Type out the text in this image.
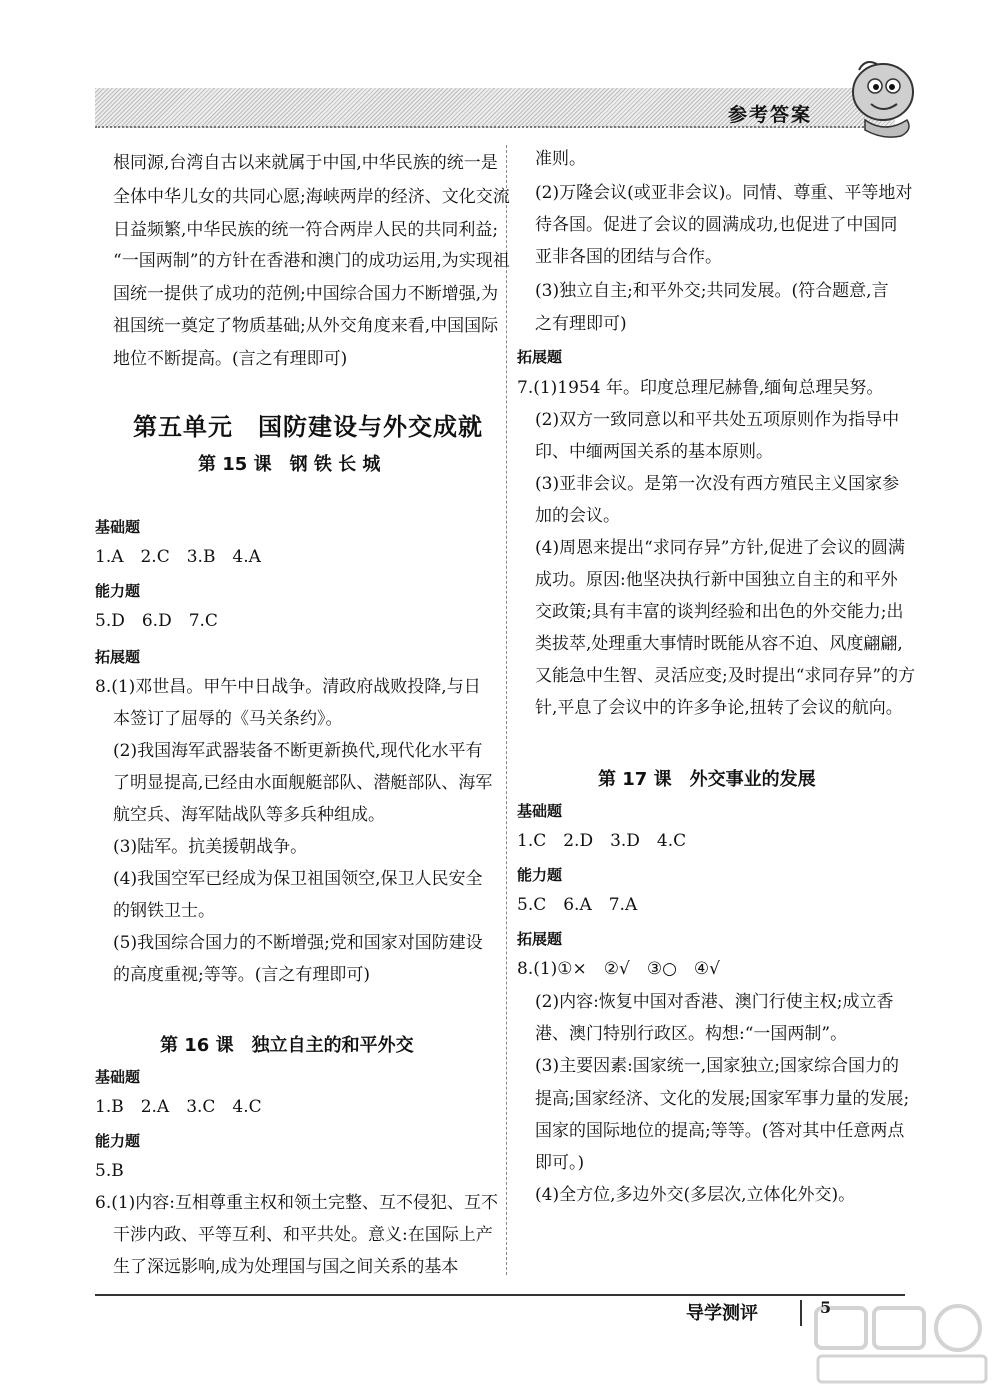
参考答案
根同源,台湾自古以来就属于中国,中华民族的统一是
全体中华儿女的共同心愿;海峡两岸的经济、文化交流
日益频繁,中华民族的统一符合两岸人民的共同利益;
“一国两制”的方针在香港和澳门的成功运用,为实现祖
国统一提供了成功的范例;中国综合国力不断增强,为
祖国统一奠定了物质基础;从外交角度来看,中国国际
地位不断提高。(言之有理即可)
第五单元　国防建设与外交成就
第 15 课　钢 铁 长 城
基础题
1.A　2.C　3.B　4.A
能力题
5.D　6.D　7.C
拓展题
8.(1)邓世昌。甲午中日战争。清政府战败投降,与日
本签订了屈辱的《马关条约》。
(2)我国海军武器装备不断更新换代,现代化水平有
了明显提高,已经由水面舰艇部队、潜艇部队、海军
航空兵、海军陆战队等多兵种组成。
(3)陆军。抗美援朝战争。
(4)我国空军已经成为保卫祖国领空,保卫人民安全
的钢铁卫士。
(5)我国综合国力的不断增强;党和国家对国防建设
的高度重视;等等。(言之有理即可)
第 16 课　独立自主的和平外交
基础题
1.B　2.A　3.C　4.C
能力题
5.B
6.(1)内容:互相尊重主权和领土完整、互不侵犯、互不
干涉内政、平等互利、和平共处。意义:在国际上产
生了深远影响,成为处理国与国之间关系的基本
准则。
(2)万隆会议(或亚非会议)。同情、尊重、平等地对
待各国。促进了会议的圆满成功,也促进了中国同
亚非各国的团结与合作。
(3)独立自主;和平外交;共同发展。(符合题意,言
之有理即可)
拓展题
7.(1)1954 年。印度总理尼赫鲁,缅甸总理吴努。
(2)双方一致同意以和平共处五项原则作为指导中
印、中缅两国关系的基本原则。
(3)亚非会议。是第一次没有西方殖民主义国家参
加的会议。
(4)周恩来提出“求同存异”方针,促进了会议的圆满
成功。原因:他坚决执行新中国独立自主的和平外
交政策;具有丰富的谈判经验和出色的外交能力;出
类拔萃,处理重大事情时既能从容不迫、风度翩翩,
又能急中生智、灵活应变;及时提出“求同存异”的方
针,平息了会议中的许多争论,扭转了会议的航向。
第 17 课　外交事业的发展
基础题
1.C　2.D　3.D　4.C
能力题
5.C　6.A　7.A
拓展题
8.(1)①×　②√　③○　④√
(2)内容:恢复中国对香港、澳门行使主权;成立香
港、澳门特别行政区。构想:“一国两制”。
(3)主要因素:国家统一,国家独立;国家综合国力的
提高;国家经济、文化的发展;国家军事力量的发展;
国家的国际地位的提高;等等。(答对其中任意两点
即可。)
(4)全方位,多边外交(多层次,立体化外交)。
导学测评	5
